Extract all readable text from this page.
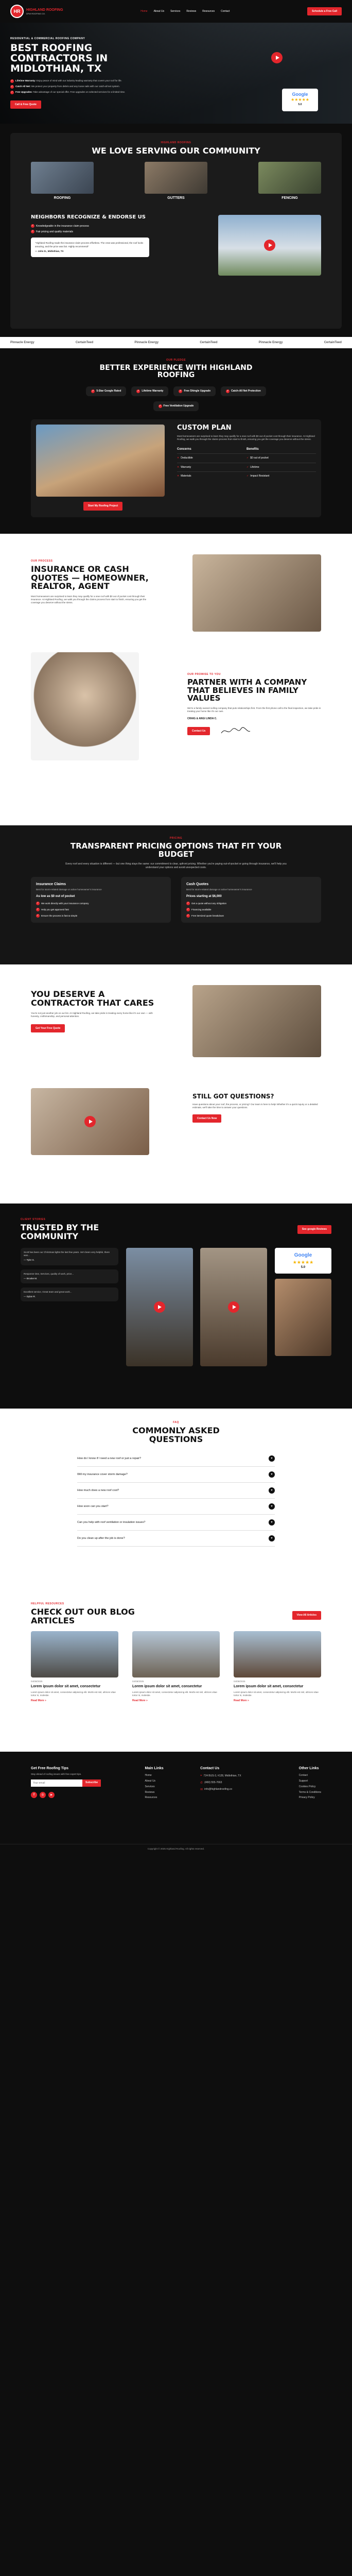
HR	HIGHLAND ROOFING
DFW ROOFING CO.
Home About Us Services Reviews Resources Contact	Schedule a Free Call
RESIDENTIAL & COMMERCIAL ROOFING COMPANY
BEST ROOFING CONTRACTORS IN MIDLOTHIAN, TX
✓ Lifetime Warranty: Enjoy peace of mind with our industry-leading warranty that covers your roof for life.
✓ Catch All Net: We protect your property from debris and any loose nails with our catch-all net system.
✓ Free Upgrades: Take advantage of our special offer. Free upgrades on selected services for a limited time.
Call & Free Quote
Google
★★★★★
5.0
HIGHLAND ROOFING
WE LOVE SERVING OUR COMMUNITY
ROOFING	GUTTERS	FENCING
NEIGHBORS RECOGNIZE & ENDORSE US
✓ Knowledgeable in the insurance claim process
✓ Fair pricing and quality materials
"Highland Roofing made the insurance claim process effortless. The crew was professional, the roof looks amazing, and the price was fair. Highly recommend!"
— John D., Midlothian, TX
Pinnacle Energy	CertainTeed	Pinnacle Energy	CertainTeed	Pinnacle Energy	CertainTeed
OUR PLEDGE
BETTER EXPERIENCE WITH HIGHLAND ROOFING
✓ 5-Star Google Rated	✓ Lifetime Warranty	✓ Free Shingle Upgrade	✓ Catch-All Net Protection
✓ Free Ventilation Upgrade
Start My Roofing Project
CUSTOM PLAN
Most homeowners are surprised to learn they may qualify for a new roof with $0 out of pocket cost through their insurance. At Highland Roofing, we walk you through the claims process from start to finish, ensuring you get the coverage you deserve without the stress.
Concerns	Benefits
✕ Deductible	✓ $0 out of pocket
✕ Warranty	✓ Lifetime
✕ Materials	✓ Impact Resistant
OUR PROCESS
INSURANCE OR CASH QUOTES — HOMEOWNER, REALTOR, AGENT
Most homeowners are surprised to learn they may qualify for a new roof with $0 out of pocket cost through their insurance. At Highland Roofing, we walk you through the claims process from start to finish, ensuring you get the coverage you deserve without the stress.
OUR PROMISE TO YOU
PARTNER WITH A COMPANY THAT BELIEVES IN FAMILY VALUES
We're a family-owned roofing company that puts relationships first. From the first phone call to the final inspection, we take pride in treating your home like it's our own.
CRAIG & ANGI LINDA C.
Contact Us
PRICING
TRANSPARENT PRICING OPTIONS THAT FIT YOUR BUDGET
Every roof and every situation is different — but one thing stays the same: our commitment to clear, upfront pricing. Whether you're paying out-of-pocket or going through insurance, we'll help you understand your options and avoid unexpected costs.
Insurance Claims
Best for storm-related damage or active homeowner's insurance
As low as $0 out of pocket
✓ We work directly with your insurance company
✓ Help you get approved fast
✓ Ensure the process is fast & simple
Cash Quotes
Best for storm-related damage or active homeowner's insurance
Prices starting at $6,000
✓ Get a quote without any obligation
✓ Financing available
✓ Free itemized quote breakdown
YOU DESERVE A CONTRACTOR THAT CARES
You're not just another job on our list. At Highland Roofing, we take pride in treating every home like it's our own — with honesty, craftsmanship, and personal attention.
Get Your Free Quote
STILL GOT QUESTIONS?
Have questions about your roof, the process, or pricing? Our team is here to help! Whether it's a quick inquiry or a detailed estimate, we'll take the time to answer your questions.
Contact Us Now
CLIENT STORIES
TRUSTED BY THE COMMUNITY
See google Reviews
Scott has been our Christmas lights the last few years. He's been very helpful, there was...
— Tyler S.
Response time, Services, quality of work, price...
— Brooke M.
Excellent service, Great team and great work...
— Dylan R.
Google
★★★★★
5.0
FAQ
COMMONLY ASKED QUESTIONS
How do I know if I need a new roof or just a repair?	▾
Will my insurance cover storm damage?	▾
How much does a new roof cost?	▾
How soon can you start?	▾
Can you help with roof ventilation or insulation issues?	▾
Do you clean up after the job is done?	▾
HELPFUL RESOURCES
CHECK OUT OUR BLOG ARTICLES
View All Articles
04/08/2025
Lorem ipsum dolor sit amet, consectetur
Lorem ipsum dolor sit amet, consectetur adipiscing elit. Morbi est nisl, ultrices vitae tortor in, molestie.
Read More »
04/08/2025
Lorem ipsum dolor sit amet, consectetur
Lorem ipsum dolor sit amet, consectetur adipiscing elit. Morbi est nisl, ultrices vitae tortor in, molestie.
Read More »
04/08/2025
Lorem ipsum dolor sit amet, consectetur
Lorem ipsum dolor sit amet, consectetur adipiscing elit. Morbi est nisl, ultrices vitae tortor in, molestie.
Read More »
Get Free Roofing Tips
Stay ahead of roofing issues with free expert tips.
Your email
Subscribe
f	◎	▶
Main Links
Home
About Us
Services
Reviews
Resources
Contact Us
⌖ 724 BUS-3, #128, Midlothian, TX
✆ (469) 555-7663
✉ info@highlandroofing.co
Other Links
Contact
Support
Cookies Policy
Terms & Conditions
Privacy Policy
Copyright © 2025 Highland Roofing. All rights reserved.
